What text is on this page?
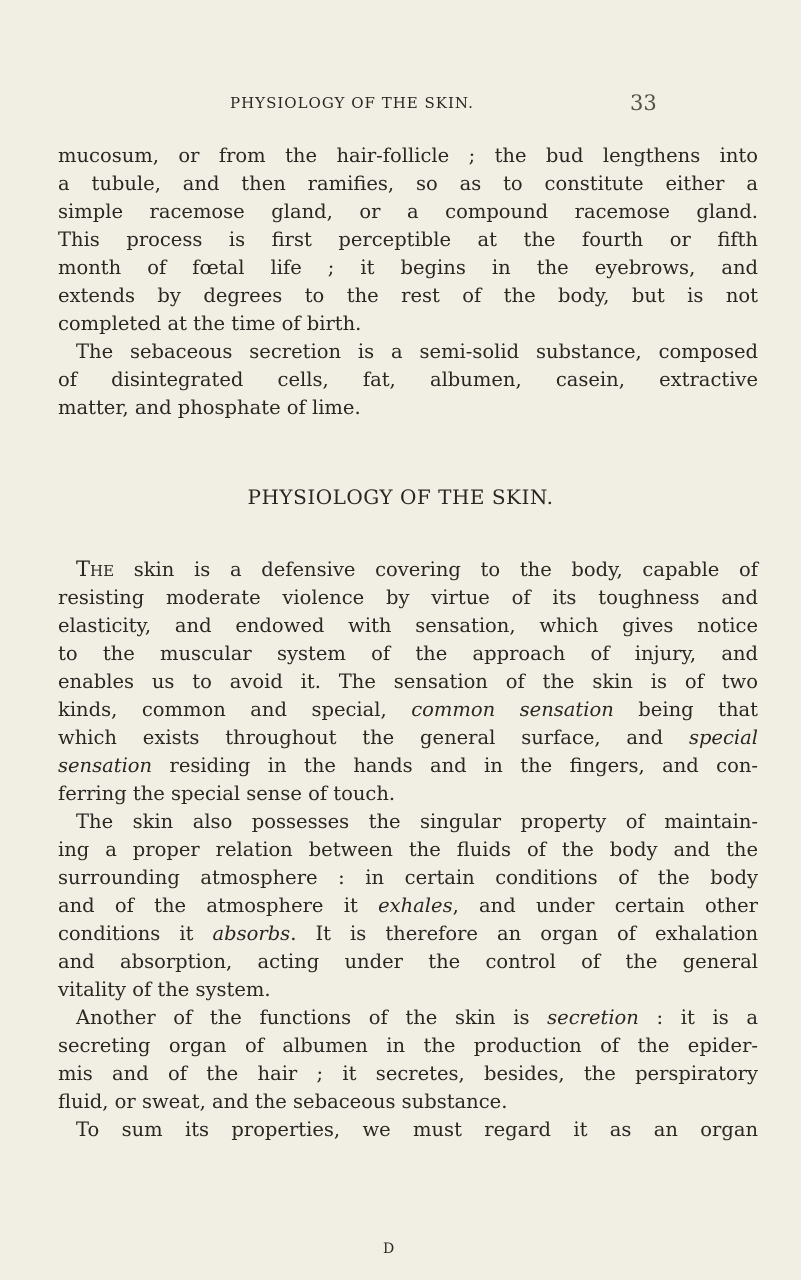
PHYSIOLOGY OF THE SKIN.	33

mucosum, or from the hair-follicle ; the bud lengthens into
a tubule, and then ramifies, so as to constitute either a
simple racemose gland, or a compound racemose gland.
This process is first perceptible at the fourth or fifth
month of fœtal life ; it begins in the eyebrows, and
extends by degrees to the rest of the body, but is not
completed at the time of birth.

The sebaceous secretion is a semi-solid substance, composed
of disintegrated cells, fat, albumen, casein, extractive
matter, and phosphate of lime.

PHYSIOLOGY OF THE SKIN.

The skin is a defensive covering to the body, capable of
resisting moderate violence by virtue of its toughness and
elasticity, and endowed with sensation, which gives notice
to the muscular system of the approach of injury, and
enables us to avoid it. The sensation of the skin is of two
kinds, common and special, common sensation being that
which exists throughout the general surface, and special
sensation residing in the hands and in the fingers, and con-
ferring the special sense of touch.

The skin also possesses the singular property of maintain-
ing a proper relation between the fluids of the body and the
surrounding atmosphere : in certain conditions of the body
and of the atmosphere it exhales, and under certain other
conditions it absorbs. It is therefore an organ of exhalation
and absorption, acting under the control of the general
vitality of the system.

Another of the functions of the skin is secretion : it is a
secreting organ of albumen in the production of the epider-
mis and of the hair ; it secretes, besides, the perspiratory
fluid, or sweat, and the sebaceous substance.

To sum its properties, we must regard it as an organ

D
